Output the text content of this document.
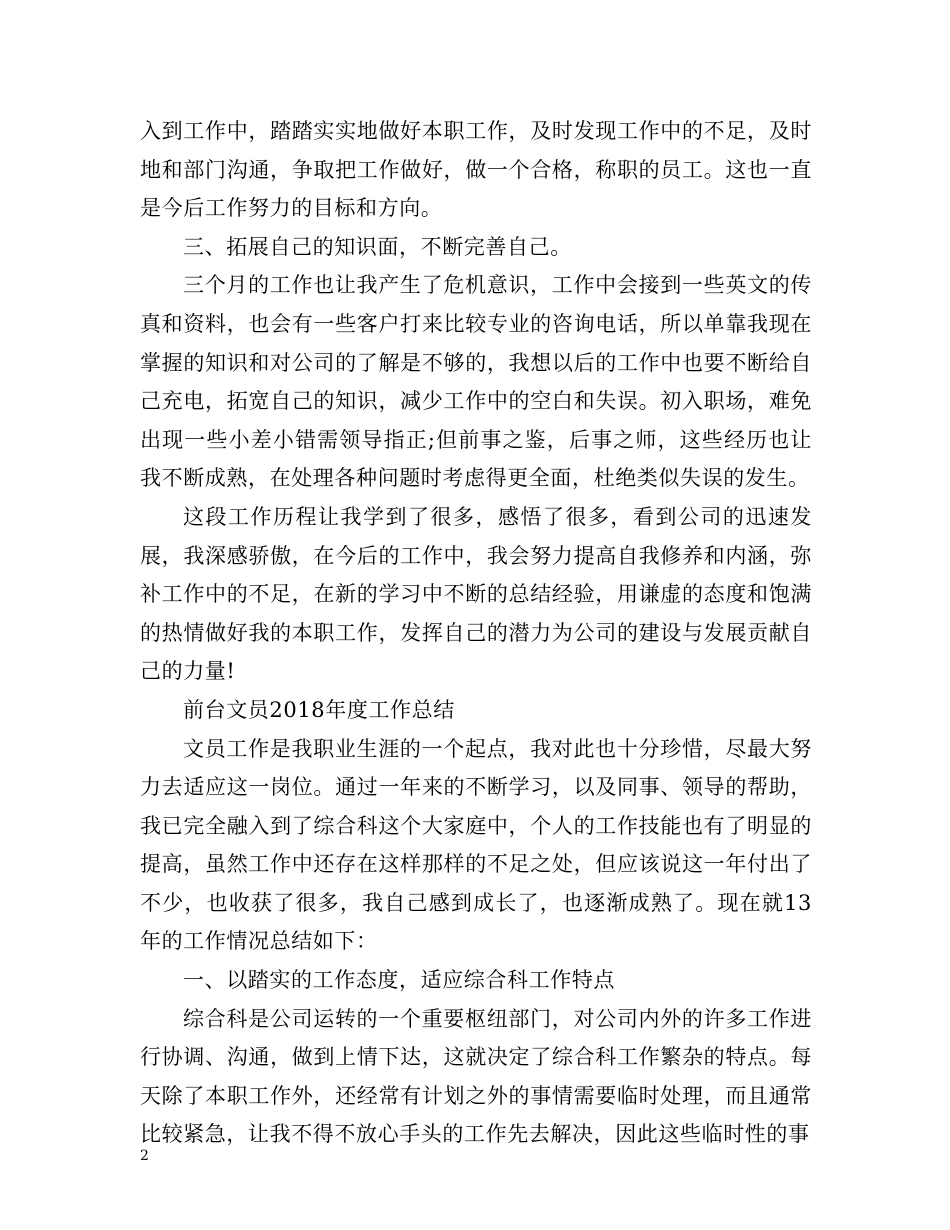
入到工作中，踏踏实实地做好本职工作，及时发现工作中的不足，及时地和部门沟通，争取把工作做好，做一个合格，称职的员工。这也一直是今后工作努力的目标和方向。

三、拓展自己的知识面，不断完善自己。

三个月的工作也让我产生了危机意识，工作中会接到一些英文的传真和资料，也会有一些客户打来比较专业的咨询电话，所以单靠我现在掌握的知识和对公司的了解是不够的，我想以后的工作中也要不断给自己充电，拓宽自己的知识，减少工作中的空白和失误。初入职场，难免出现一些小差小错需领导指正;但前事之鉴，后事之师，这些经历也让我不断成熟，在处理各种问题时考虑得更全面，杜绝类似失误的发生。

这段工作历程让我学到了很多，感悟了很多，看到公司的迅速发展，我深感骄傲，在今后的工作中，我会努力提高自我修养和内涵，弥补工作中的不足，在新的学习中不断的总结经验，用谦虚的态度和饱满的热情做好我的本职工作，发挥自己的潜力为公司的建设与发展贡献自己的力量!

前台文员2018年度工作总结

文员工作是我职业生涯的一个起点，我对此也十分珍惜，尽最大努力去适应这一岗位。通过一年来的不断学习，以及同事、领导的帮助，我已完全融入到了综合科这个大家庭中，个人的工作技能也有了明显的提高，虽然工作中还存在这样那样的不足之处，但应该说这一年付出了不少，也收获了很多，我自己感到成长了，也逐渐成熟了。现在就13年的工作情况总结如下：

一、以踏实的工作态度，适应综合科工作特点

综合科是公司运转的一个重要枢纽部门，对公司内外的许多工作进行协调、沟通，做到上情下达，这就决定了综合科工作繁杂的特点。每天除了本职工作外，还经常有计划之外的事情需要临时处理，而且通常比较紧急，让我不得不放心手头的工作先去解决，因此这些临时性的事

2
